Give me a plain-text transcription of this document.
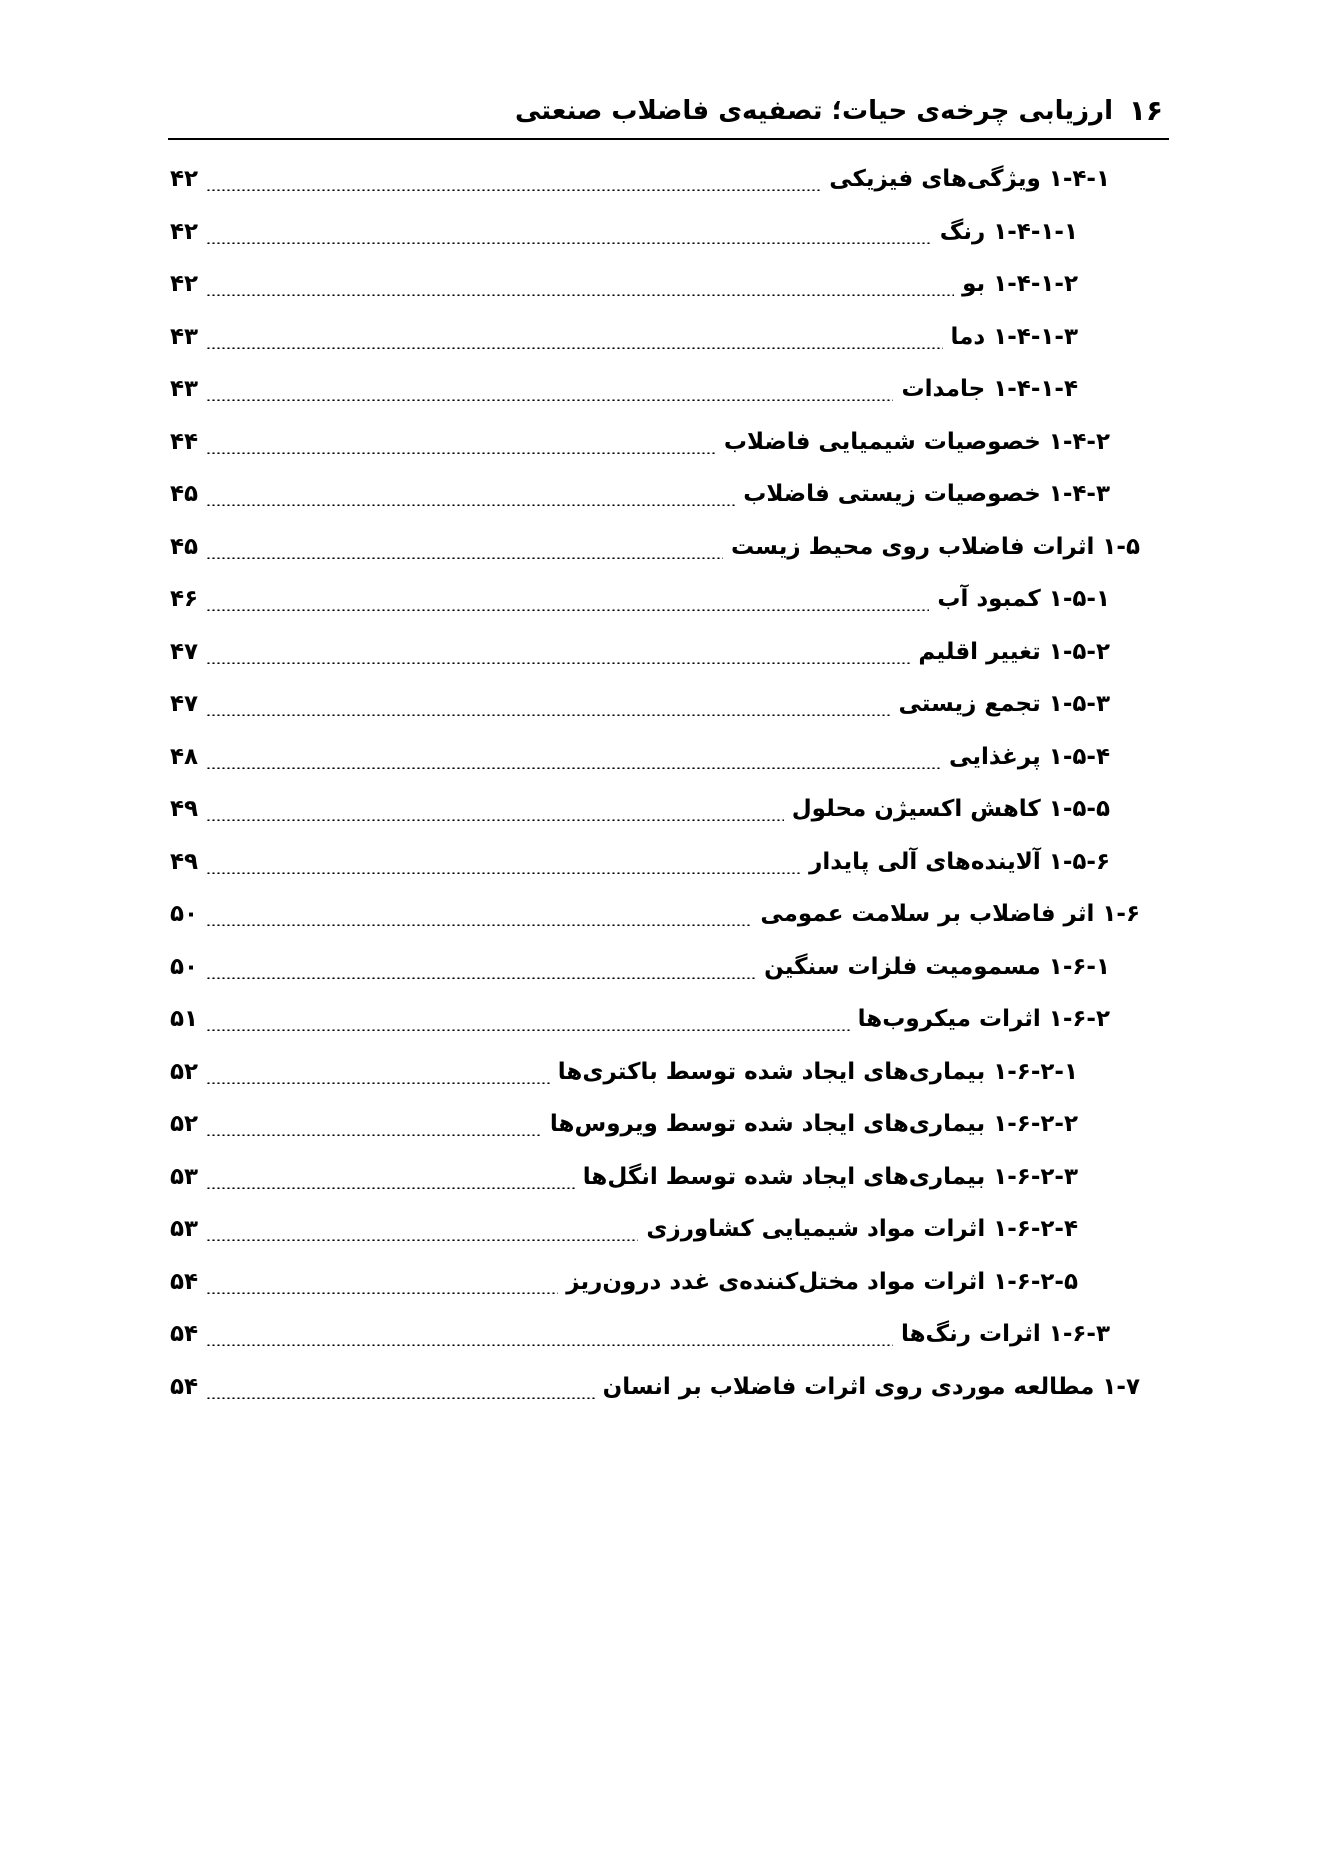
۱۶
ارزیابی چرخه‌ی حیات؛ تصفیه‌ی فاضلاب صنعتی
۱-۴-۱
ویژگی‌های فیزیکی
۴۲
۱-۴-۱-۱
رنگ
۴۲
۱-۴-۱-۲
بو
۴۲
۱-۴-۱-۳
دما
۴۳
۱-۴-۱-۴
جامدات
۴۳
۱-۴-۲
خصوصیات شیمیایی فاضلاب
۴۴
۱-۴-۳
خصوصیات زیستی فاضلاب
۴۵
۱-۵
اثرات فاضلاب روی محیط زیست
۴۵
۱-۵-۱
کمبود آب
۴۶
۱-۵-۲
تغییر اقلیم
۴۷
۱-۵-۳
تجمع زیستی
۴۷
۱-۵-۴
پرغذایی
۴۸
۱-۵-۵
کاهش اکسیژن محلول
۴۹
۱-۵-۶
آلاینده‌های آلی پایدار
۴۹
۱-۶
اثر فاضلاب بر سلامت عمومی
۵۰
۱-۶-۱
مسمومیت فلزات سنگین
۵۰
۱-۶-۲
اثرات میکروب‌ها
۵۱
۱-۶-۲-۱
بیماری‌های ایجاد شده توسط باکتری‌ها
۵۲
۱-۶-۲-۲
بیماری‌های ایجاد شده توسط ویروس‌ها
۵۲
۱-۶-۲-۳
بیماری‌های ایجاد شده توسط انگل‌ها
۵۳
۱-۶-۲-۴
اثرات مواد شیمیایی کشاورزی
۵۳
۱-۶-۲-۵
اثرات مواد مختل‌کننده‌ی غدد درون‌ریز
۵۴
۱-۶-۳
اثرات رنگ‌ها
۵۴
۱-۷
مطالعه موردی روی اثرات فاضلاب بر انسان
۵۴
